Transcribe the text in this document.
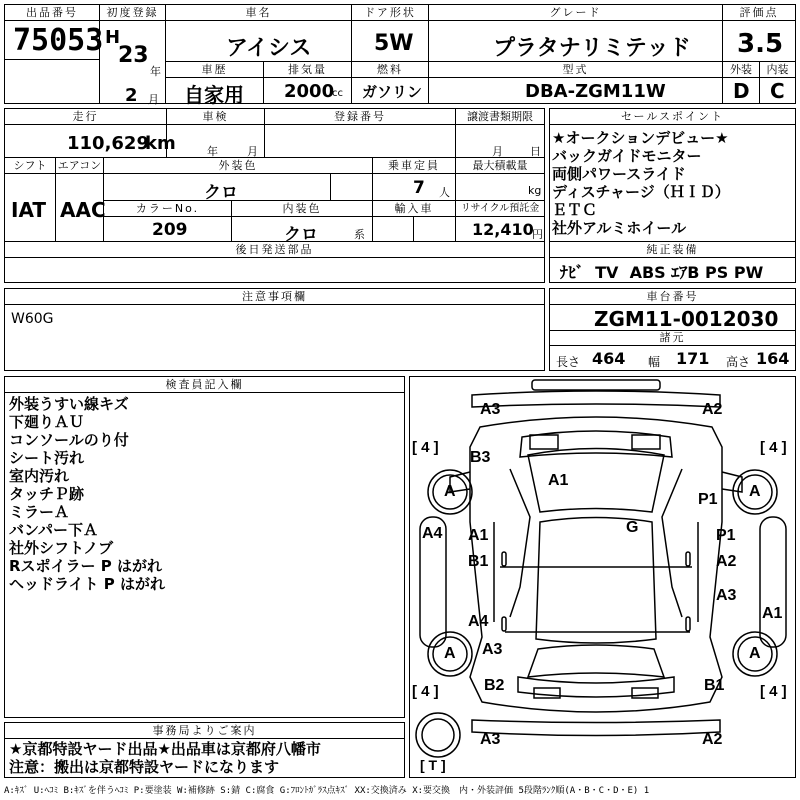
出品番号
75053
初度登録
H
23
年
2 月
車名
アイシス
ドア形状
5W
グレード
プラタナリミテッド
評価点
3.5
車歴
自家用
排気量
2000
cc
燃料
ガソリン
型式
DBA-ZGM11W
外装
D
内装
C
走行
110,629
km
車検
年	月
登録番号	譲渡書類期限
月 日
シフト
IAT
エアコン
AAC
外装色
クロ
乗車定員
7 人
最大積載量
kg
カラーNo.
209
内装色
クロ	系
輸入車	リサイクル預託金
12,410
円
後日発送部品
セールスポイント
★オークションデビュー★
バックガイドモニター
両側パワースライド
ディスチャージ（ＨＩＤ）
ＥＴＣ
社外アルミホイール
純正装備
ﾅﾋﾞ  TV  ABS ｴｱB PS PW
注意事項欄
W60G
車台番号
ZGM11-0012030
諸元
長さ 464 幅 171 高さ 164
検査員記入欄
外装うすい線キズ
下廻りＡＵ
コンソールのり付
シート汚れ
室内汚れ
タッチＰ跡
ミラーＡ
バンパー下Ａ
社外シフトノブ
Rスポイラー P はがれ
ヘッドライト P はがれ
事務局よりご案内
★京都特設ヤード出品★出品車は京都府八幡市
注意：搬出は京都特設ヤードになります
[ 4 ]	[ 4 ]
[ 4 ]	[ 4 ]
[ T ]
A	A
A	A
A3	A2
B3
A1
P1
A4 A1
B1
G	P1
A2
A3
A1
A4
A3
B2	B1
A3	A2
A:ｷｽﾞ U:ﾍｺﾐ B:ｷｽﾞを伴うﾍｺﾐ P:要塗装 W:補修跡 S:錆 C:腐食 G:ﾌﾛﾝﾄｶﾞﾗｽ点ｷｽﾞ XX:交換済み X:要交換　内・外装評価 5段階ﾗﾝｸ順(A・B・C・D・E) 1
